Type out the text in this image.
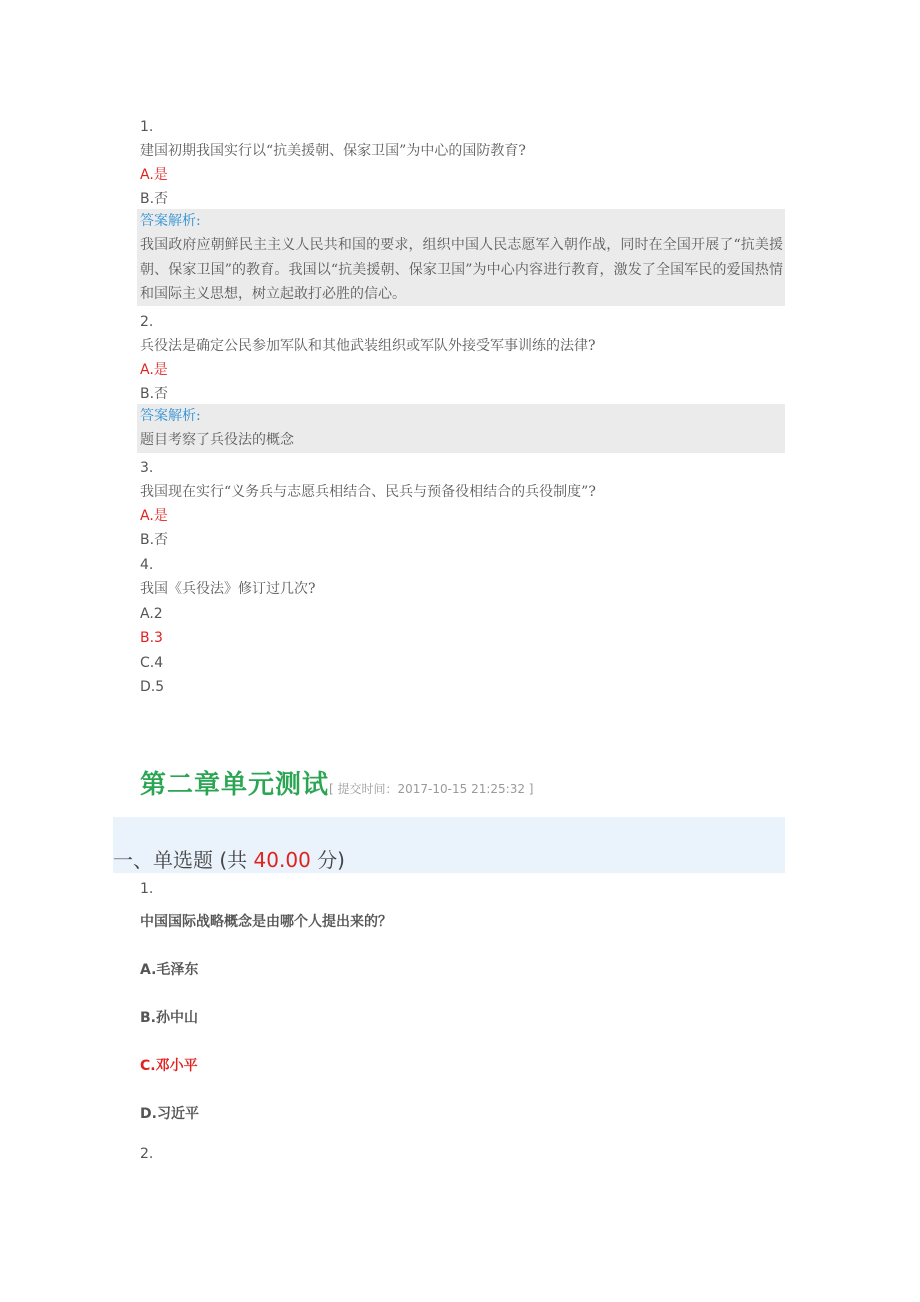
1.
建国初期我国实行以“抗美援朝、保家卫国”为中心的国防教育?
A.是
B.否
答案解析:
我国政府应朝鲜民主主义人民共和国的要求，组织中国人民志愿军入朝作战，同时在全国开展了“抗美援朝、保家卫国”的教育。我国以“抗美援朝、保家卫国”为中心内容进行教育，激发了全国军民的爱国热情和国际主义思想，树立起敢打必胜的信心。
2.
兵役法是确定公民参加军队和其他武装组织或军队外接受军事训练的法律?
A.是
B.否
答案解析:
题目考察了兵役法的概念
3.
我国现在实行“义务兵与志愿兵相结合、民兵与预备役相结合的兵役制度”?
A.是
B.否
4.
我国《兵役法》修订过几次?
A.2
B.3
C.4
D.5
第二章单元测试[ 提交时间：2017-10-15 21:25:32 ]
一、单选题 (共 40.00 分)
1.
中国国际战略概念是由哪个人提出来的？
A.毛泽东
B.孙中山
C.邓小平
D.习近平
2.
